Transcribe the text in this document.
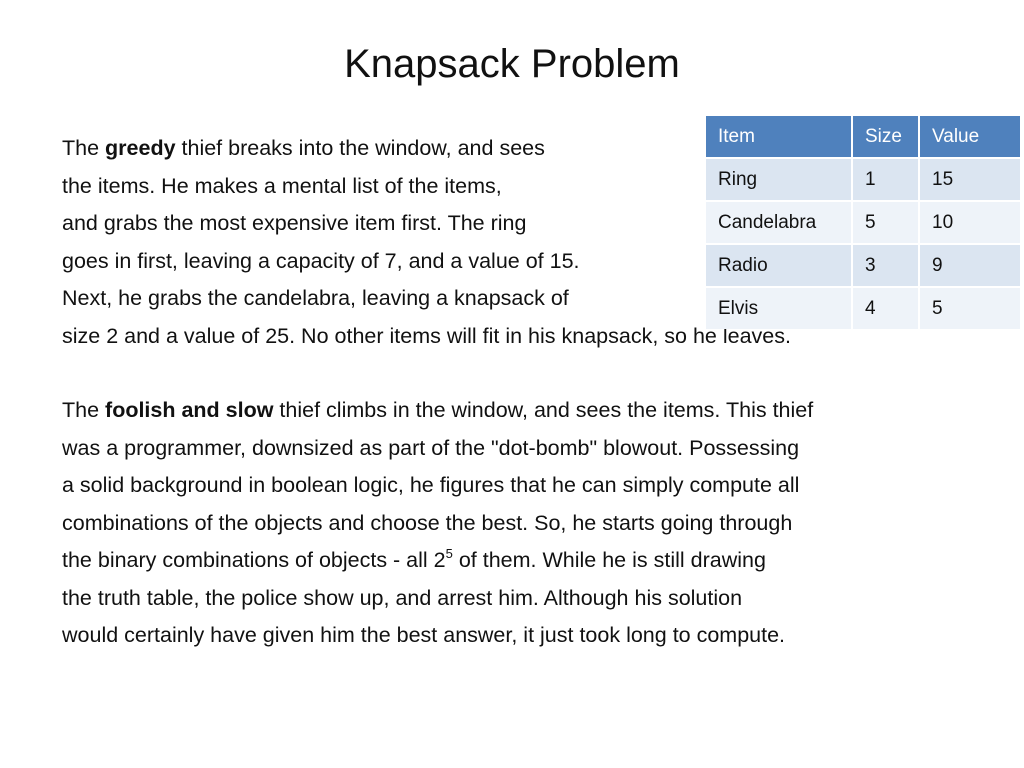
Knapsack Problem

The greedy thief breaks into the window, and sees
the items. He makes a mental list of the items,
and grabs the most expensive item first. The ring
goes in first, leaving a capacity of 7, and a value of 15.
Next, he grabs the candelabra, leaving a knapsack of
size 2 and a value of 25. No other items will fit in his knapsack, so he leaves.

The foolish and slow thief climbs in the window, and sees the items. This thief
was a programmer, downsized as part of the "dot-bomb" blowout. Possessing
a solid background in boolean logic, he figures that he can simply compute all
combinations of the objects and choose the best. So, he starts going through
the binary combinations of objects - all $2^5$ of them. While he is still drawing
the truth table, the police show up, and arrest him. Although his solution
would certainly have given him the best answer, it just took long to compute.

Item	Size	Value
Ring	1	15
Candelabra	5	10
Radio	3	9
Elvis	4	5
